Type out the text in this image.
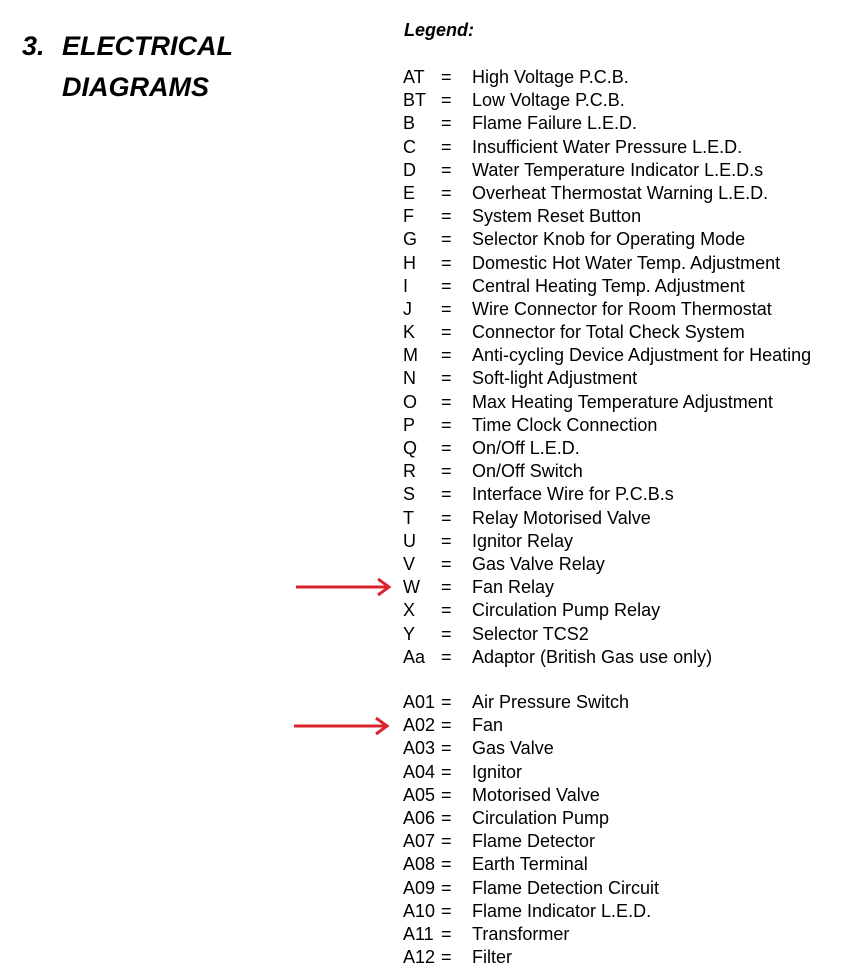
3. ELECTRICAL
DIAGRAMS
Legend:
AT = High Voltage P.C.B.
BT = Low Voltage P.C.B.
B = Flame Failure L.E.D.
C = Insufficient Water Pressure L.E.D.
D = Water Temperature Indicator L.E.D.s
E = Overheat Thermostat Warning L.E.D.
F = System Reset Button
G = Selector Knob for Operating Mode
H = Domestic Hot Water Temp. Adjustment
I = Central Heating Temp. Adjustment
J = Wire Connector for Room Thermostat
K = Connector for Total Check System
M = Anti-cycling Device Adjustment for Heating
N = Soft-light Adjustment
O = Max Heating Temperature Adjustment
P = Time Clock Connection
Q = On/Off L.E.D.
R = On/Off Switch
S = Interface Wire for P.C.B.s
T = Relay Motorised Valve
U = Ignitor Relay
V = Gas Valve Relay
W = Fan Relay
X = Circulation Pump Relay
Y = Selector TCS2
Aa = Adaptor (British Gas use only)
A01 = Air Pressure Switch
A02 = Fan
A03 = Gas Valve
A04 = Ignitor
A05 = Motorised Valve
A06 = Circulation Pump
A07 = Flame Detector
A08 = Earth Terminal
A09 = Flame Detection Circuit
A10 = Flame Indicator L.E.D.
A11 = Transformer
A12 = Filter
